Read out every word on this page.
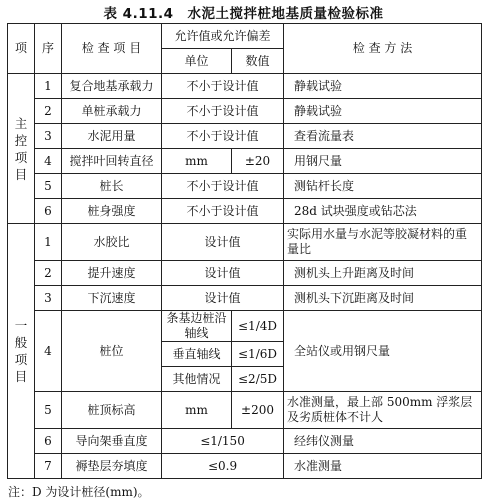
表 4.11.4　水泥土搅拌桩地基质量检验标准
项	序	检 查 项 目	允许值或允许偏差		检 查 方 法
			单位	数值	

主
控
项
目	1	复合地基承载力	不小于设计值		静载试验
	2	单桩承载力	不小于设计值		静载试验
	3	水泥用量	不小于设计值		查看流量表
	4	搅拌叶回转直径	mm	±20	用钢尺量
	5	桩长	不小于设计值		测钻杆长度
	6	桩身强度	不小于设计值		28d 试块强度或钻芯法

一
般
项
目	1	水胶比	设计值		实际用水量与水泥等胶凝材料的重量比
	2	提升速度	设计值		测机头上升距离及时间
	3	下沉速度	设计值		测机头下沉距离及时间
	4	桩位	条基边桩沿轴线	≤1/4D	全站仪或用钢尺量
			垂直轴线	≤1/6D	
			其他情况	≤2/5D	
	5	桩顶标高	mm	±200	水准测量，最上部 500mm 浮浆层及劣质桩体不计人
	6	导向架垂直度	≤1/150		经纬仪测量
	7	褥垫层夯填度	≤0.9		水准测量
注：D 为设计桩径(mm)。
